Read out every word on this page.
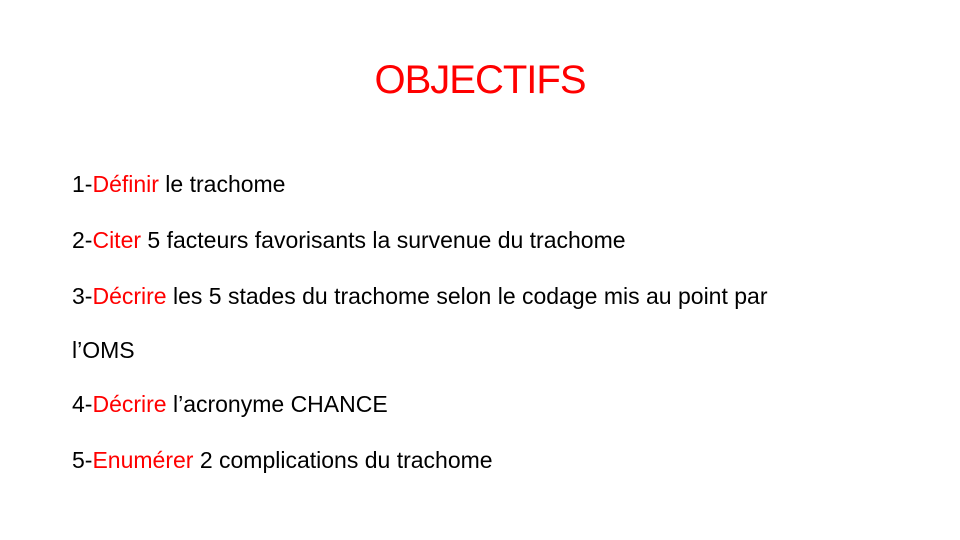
OBJECTIFS
1-Définir le trachome
2-Citer 5 facteurs favorisants la survenue du trachome
3-Décrire les 5 stades du trachome selon le codage mis au point par
l’OMS
4-Décrire l’acronyme CHANCE
5-Enumérer 2 complications du trachome
